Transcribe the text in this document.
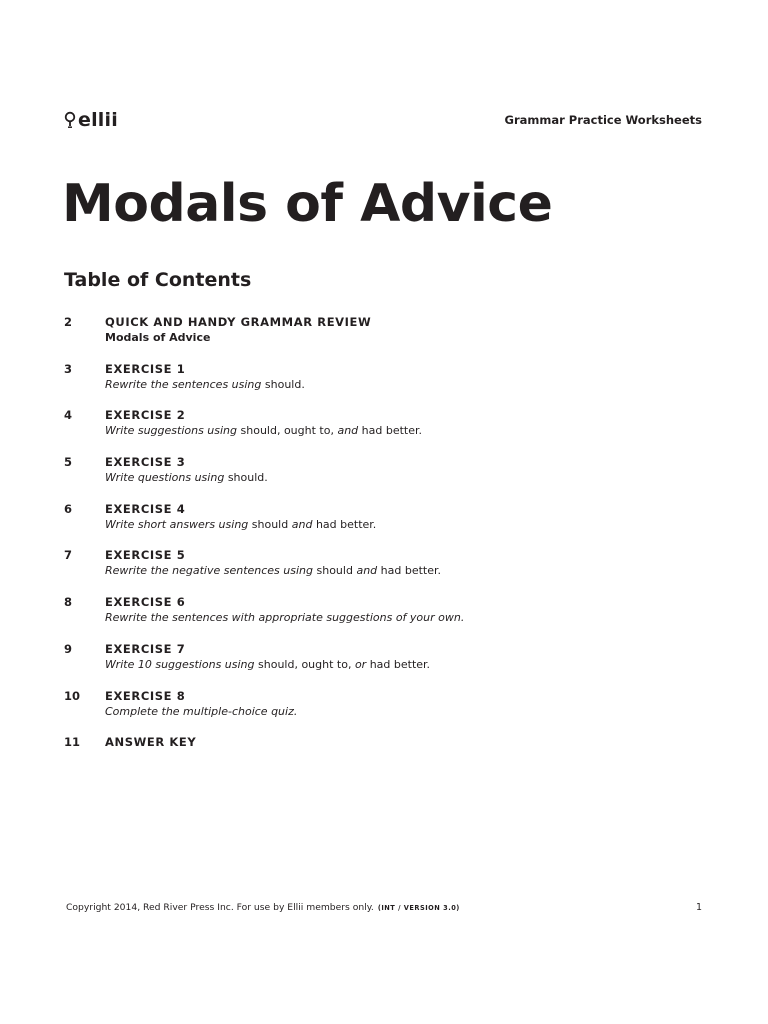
ellii	Grammar Practice Worksheets
Modals of Advice
Table of Contents
2	QUICK AND HANDY GRAMMAR REVIEW
Modals of Advice
3	EXERCISE 1
Rewrite the sentences using should.
4	EXERCISE 2
Write suggestions using should, ought to, and had better.
5	EXERCISE 3
Write questions using should.
6	EXERCISE 4
Write short answers using should and had better.
7	EXERCISE 5
Rewrite the negative sentences using should and had better.
8	EXERCISE 6
Rewrite the sentences with appropriate suggestions of your own.
9	EXERCISE 7
Write 10 suggestions using should, ought to, or had better.
10 EXERCISE 8
Complete the multiple-choice quiz.
11 ANSWER KEY
Copyright 2014, Red River Press Inc. For use by Ellii members only. (INT / VERSION 3.0)	1
